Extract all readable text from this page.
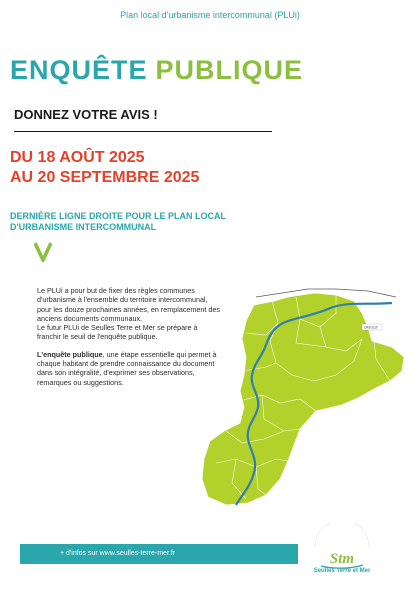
Plan local d'urbanisme intercommunal (PLUi)
ENQUÊTE PUBLIQUE
DONNEZ VOTRE AVIS !
DU 18 AOÛT 2025
AU 20 SEPTEMBRE 2025
DERNIÈRE LIGNE DROITE POUR LE PLAN LOCAL
D'URBANISME INTERCOMMUNAL

Le PLUi a pour but de fixer des règles communes d'urbanisme à l'ensemble du territoire intercommunal, pour les douze prochaines années, en remplacement des anciens documents communaux.

Le futur PLUi de Seulles Terre et Mer se prépare à franchir le seuil de l'enquête publique.

L'enquête publique, une étape essentielle qui permet à chaque habitant de prendre connaissance du document dans son intégralité, d'exprimer ses observations, remarques ou suggestions.

CREULLY
+ d'infos sur www.seulles-terre-mer.fr	Stm
Seulles Terre et Mer
